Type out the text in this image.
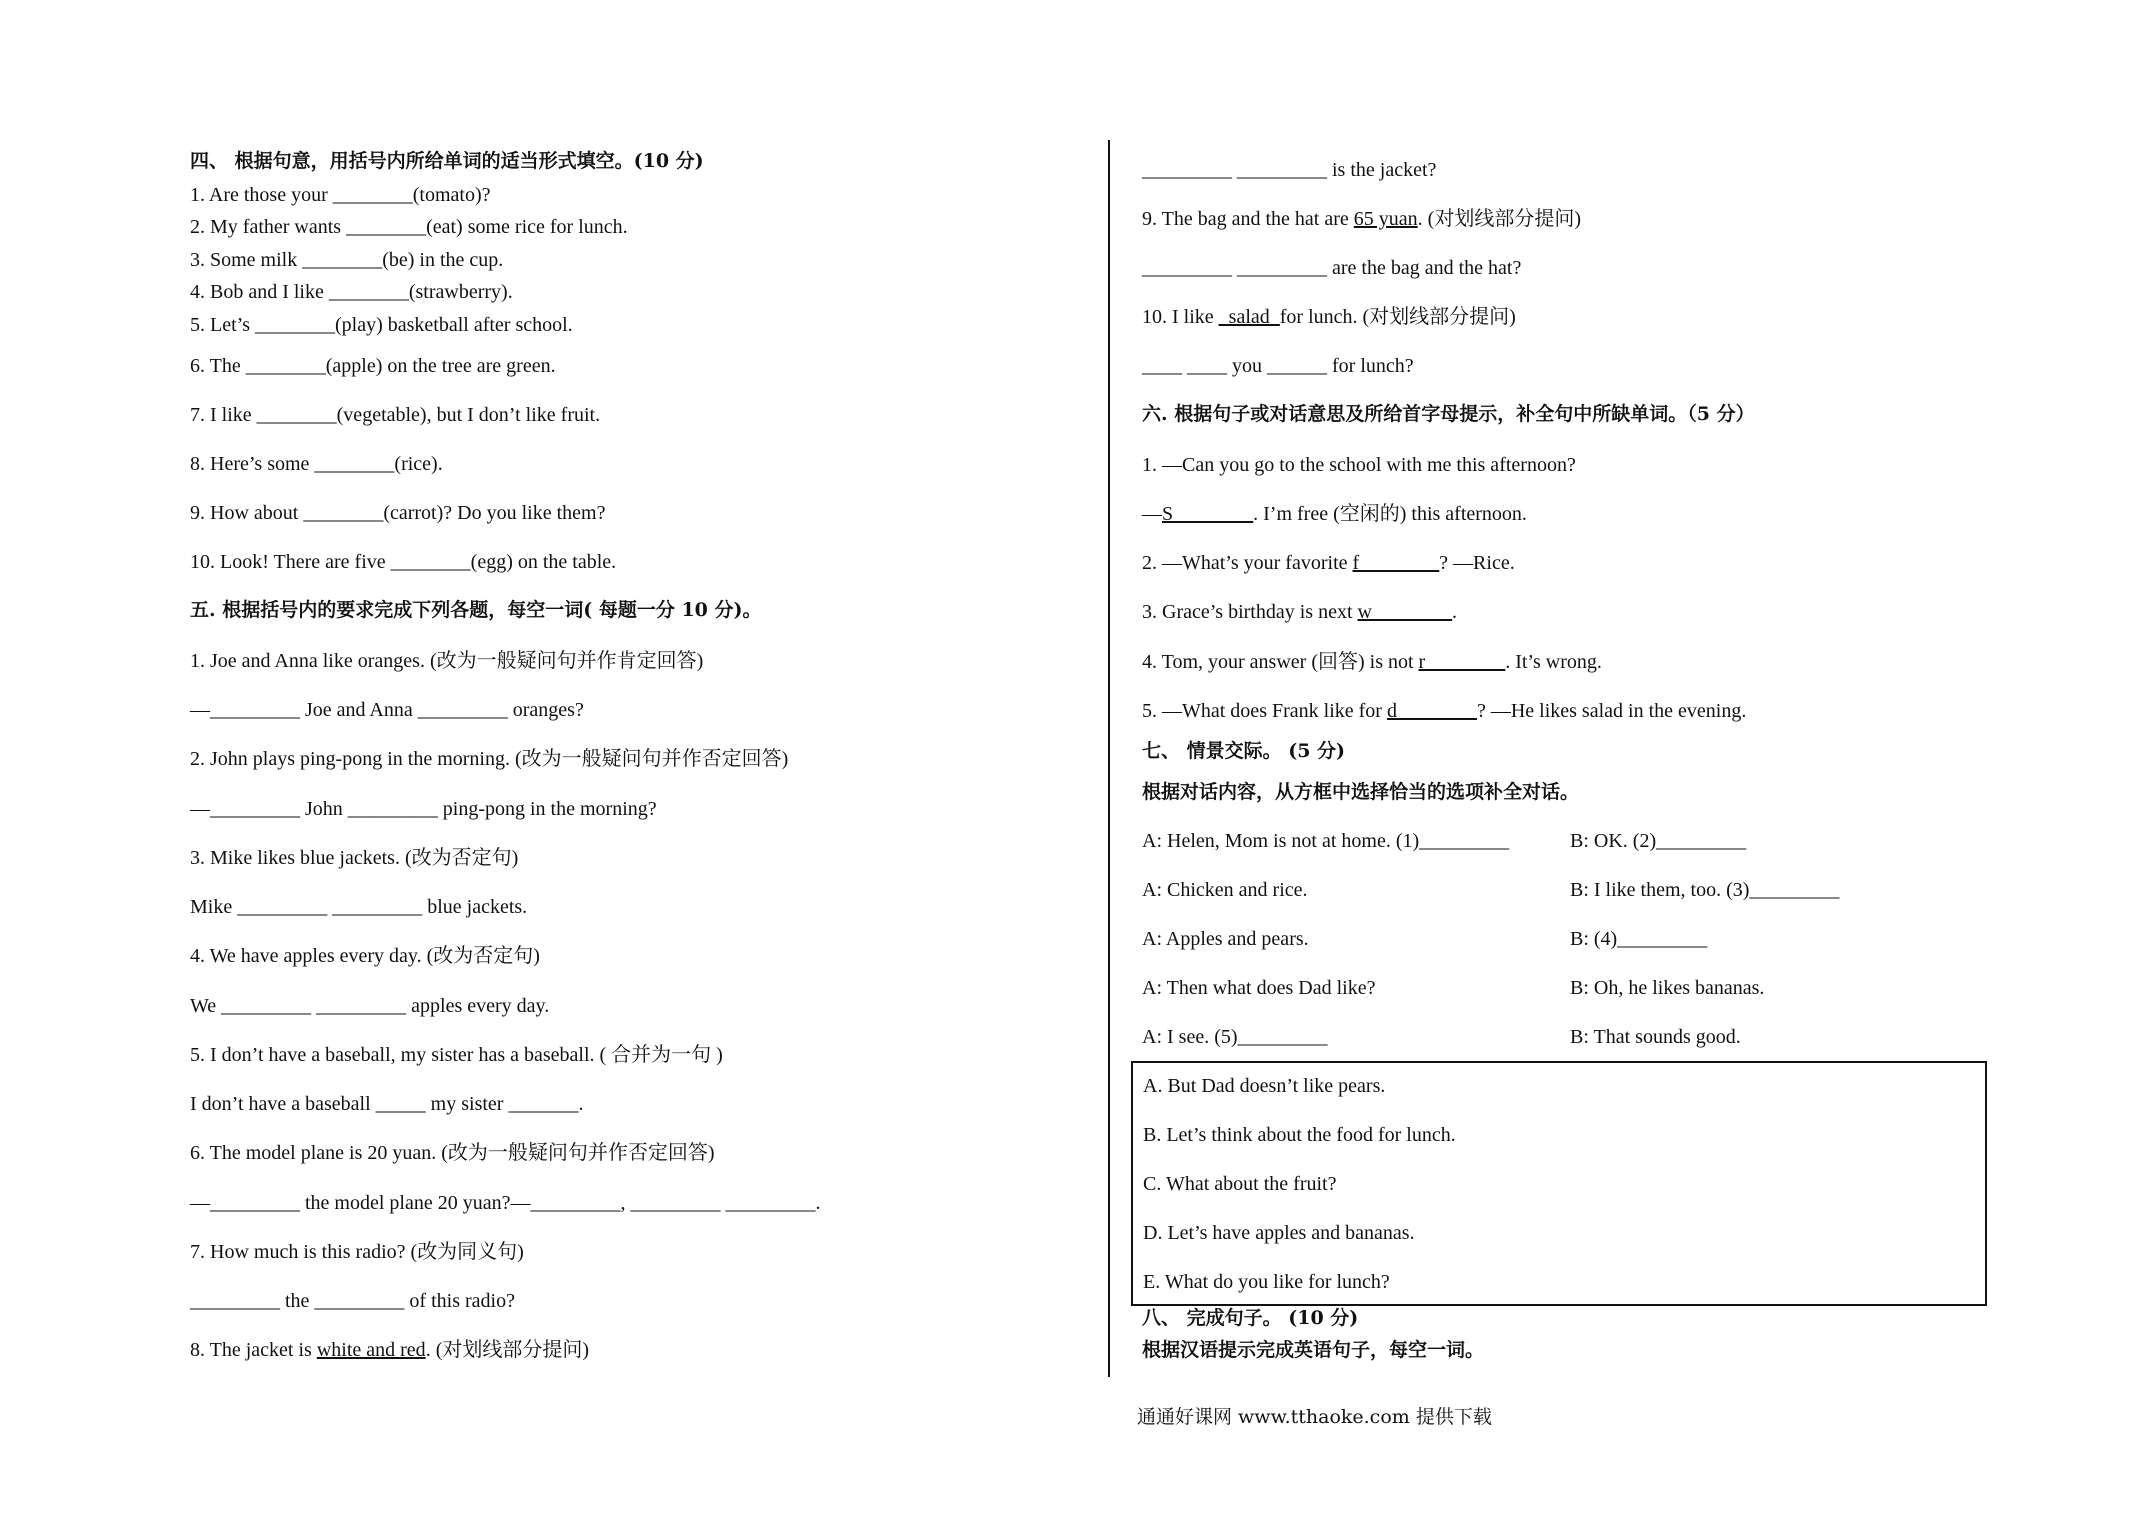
四、 根据句意，用括号内所给单词的适当形式填空。(10 分)
1. Are those your ________(tomato)?
2. My father wants ________(eat) some rice for lunch.
3. Some milk ________(be) in the cup.
4. Bob and I like ________(strawberry).
5. Let’s ________(play) basketball after school.
6. The ________(apple) on the tree are green.
7. I like ________(vegetable), but I don’t like fruit.
8. Here’s some ________(rice).
9. How about ________(carrot)? Do you like them?
10. Look! There are five ________(egg) on the table.
五. 根据括号内的要求完成下列各题，每空一词( 每题一分 10 分)。
1. Joe and Anna like oranges. (改为一般疑问句并作肯定回答)
—_________ Joe and Anna _________ oranges?
2. John plays ping-pong in the morning. (改为一般疑问句并作否定回答)
—_________ John _________ ping-pong in the morning?
3. Mike likes blue jackets. (改为否定句)
Mike _________ _________ blue jackets.
4. We have apples every day. (改为否定句)
We _________ _________ apples every day.
5. I don’t have a baseball, my sister has a baseball. ( 合并为一句 )
I don’t have a baseball _____ my sister _______.
6. The model plane is 20 yuan. (改为一般疑问句并作否定回答)
—_________ the model plane 20 yuan?—_________, _________ _________.
7. How much is this radio? (改为同义句)
_________ the _________ of this radio?
8. The jacket is white and red. (对划线部分提问)
_________ _________ is the jacket?
9. The bag and the hat are 65 yuan. (对划线部分提问)
_________ _________ are the bag and the hat?
10. I like _salad_for lunch. (对划线部分提问)
____ ____ you ______ for lunch?
六. 根据句子或对话意思及所给首字母提示，补全句中所缺单词。（5 分）
1. —Can you go to the school with me this afternoon?
—S________. I’m free (空闲的) this afternoon.
2. —What’s your favorite f________? —Rice.
3. Grace’s birthday is next w________.
4. Tom, your answer (回答) is not r________. It’s wrong.
5. —What does Frank like for d________? —He likes salad in the evening.
七、 情景交际。 (5 分)
根据对话内容，从方框中选择恰当的选项补全对话。
A: Helen, Mom is not at home. (1)_________	B: OK. (2)_________
A: Chicken and rice.	B: I like them, too. (3)_________
A: Apples and pears.	B: (4)_________
A: Then what does Dad like?	B: Oh, he likes bananas.
A: I see. (5)_________	B: That sounds good.
A. But Dad doesn’t like pears.
B. Let’s think about the food for lunch.
C. What about the fruit?
D. Let’s have apples and bananas.
E. What do you like for lunch?
八、 完成句子。 (10 分)
根据汉语提示完成英语句子，每空一词。
通通好课网 www.tthaoke.com 提供下载
